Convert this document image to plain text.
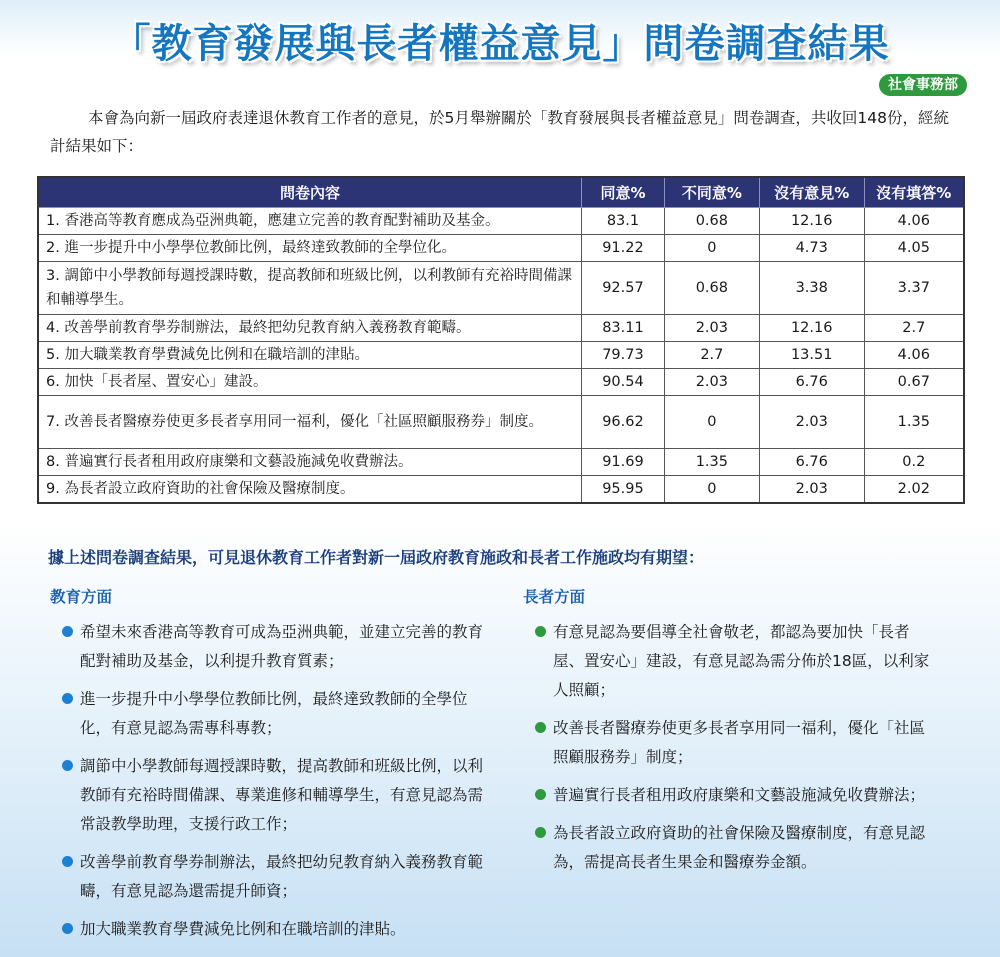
「教育發展與長者權益意見」問卷調查結果
社會事務部

本會為向新一屆政府表達退休教育工作者的意見，於5月舉辦關於「教育發展與長者權益意見」問卷調查，共收回148份，經統計結果如下：

問卷內容	同意%	不同意%	沒有意見%	沒有填答%
1. 香港高等教育應成為亞洲典範，應建立完善的教育配對補助及基金。	83.1	0.68	12.16	4.06
2. 進一步提升中小學學位教師比例，最終達致教師的全學位化。	91.22	0	4.73	4.05
3. 調節中小學教師每週授課時數，提高教師和班級比例，以利教師有充裕時間備課和輔導學生。	92.57	0.68	3.38	3.37
4. 改善學前教育學券制辦法，最終把幼兒教育納入義務教育範疇。	83.11	2.03	12.16	2.7
5. 加大職業教育學費減免比例和在職培訓的津貼。	79.73	2.7	13.51	4.06
6. 加快「長者屋、置安心」建設。	90.54	2.03	6.76	0.67
7. 改善長者醫療券使更多長者享用同一福利，優化「社區照顧服務券」制度。	96.62	0	2.03	1.35
8. 普遍實行長者租用政府康樂和文藝設施減免收費辦法。	91.69	1.35	6.76	0.2
9. 為長者設立政府資助的社會保險及醫療制度。	95.95	0	2.03	2.02
據上述問卷調查結果，可見退休教育工作者對新一屆政府教育施政和長者工作施政均有期望：
教育方面	長者方面
希望未來香港高等教育可成為亞洲典範，並建立完善的教育配對補助及基金，以利提升教育質素；
進一步提升中小學學位教師比例，最終達致教師的全學位化，有意見認為需專科專教；
調節中小學教師每週授課時數，提高教師和班級比例，以利教師有充裕時間備課、專業進修和輔導學生，有意見認為需常設教學助理，支援行政工作；
改善學前教育學券制辦法，最終把幼兒教育納入義務教育範疇，有意見認為還需提升師資；
加大職業教育學費減免比例和在職培訓的津貼。
有意見認為要倡導全社會敬老，都認為要加快「長者屋、置安心」建設，有意見認為需分佈於18區，以利家人照顧；
改善長者醫療券使更多長者享用同一福利，優化「社區照顧服務券」制度；
普遍實行長者租用政府康樂和文藝設施減免收費辦法；
為長者設立政府資助的社會保險及醫療制度，有意見認為，需提高長者生果金和醫療券金額。
